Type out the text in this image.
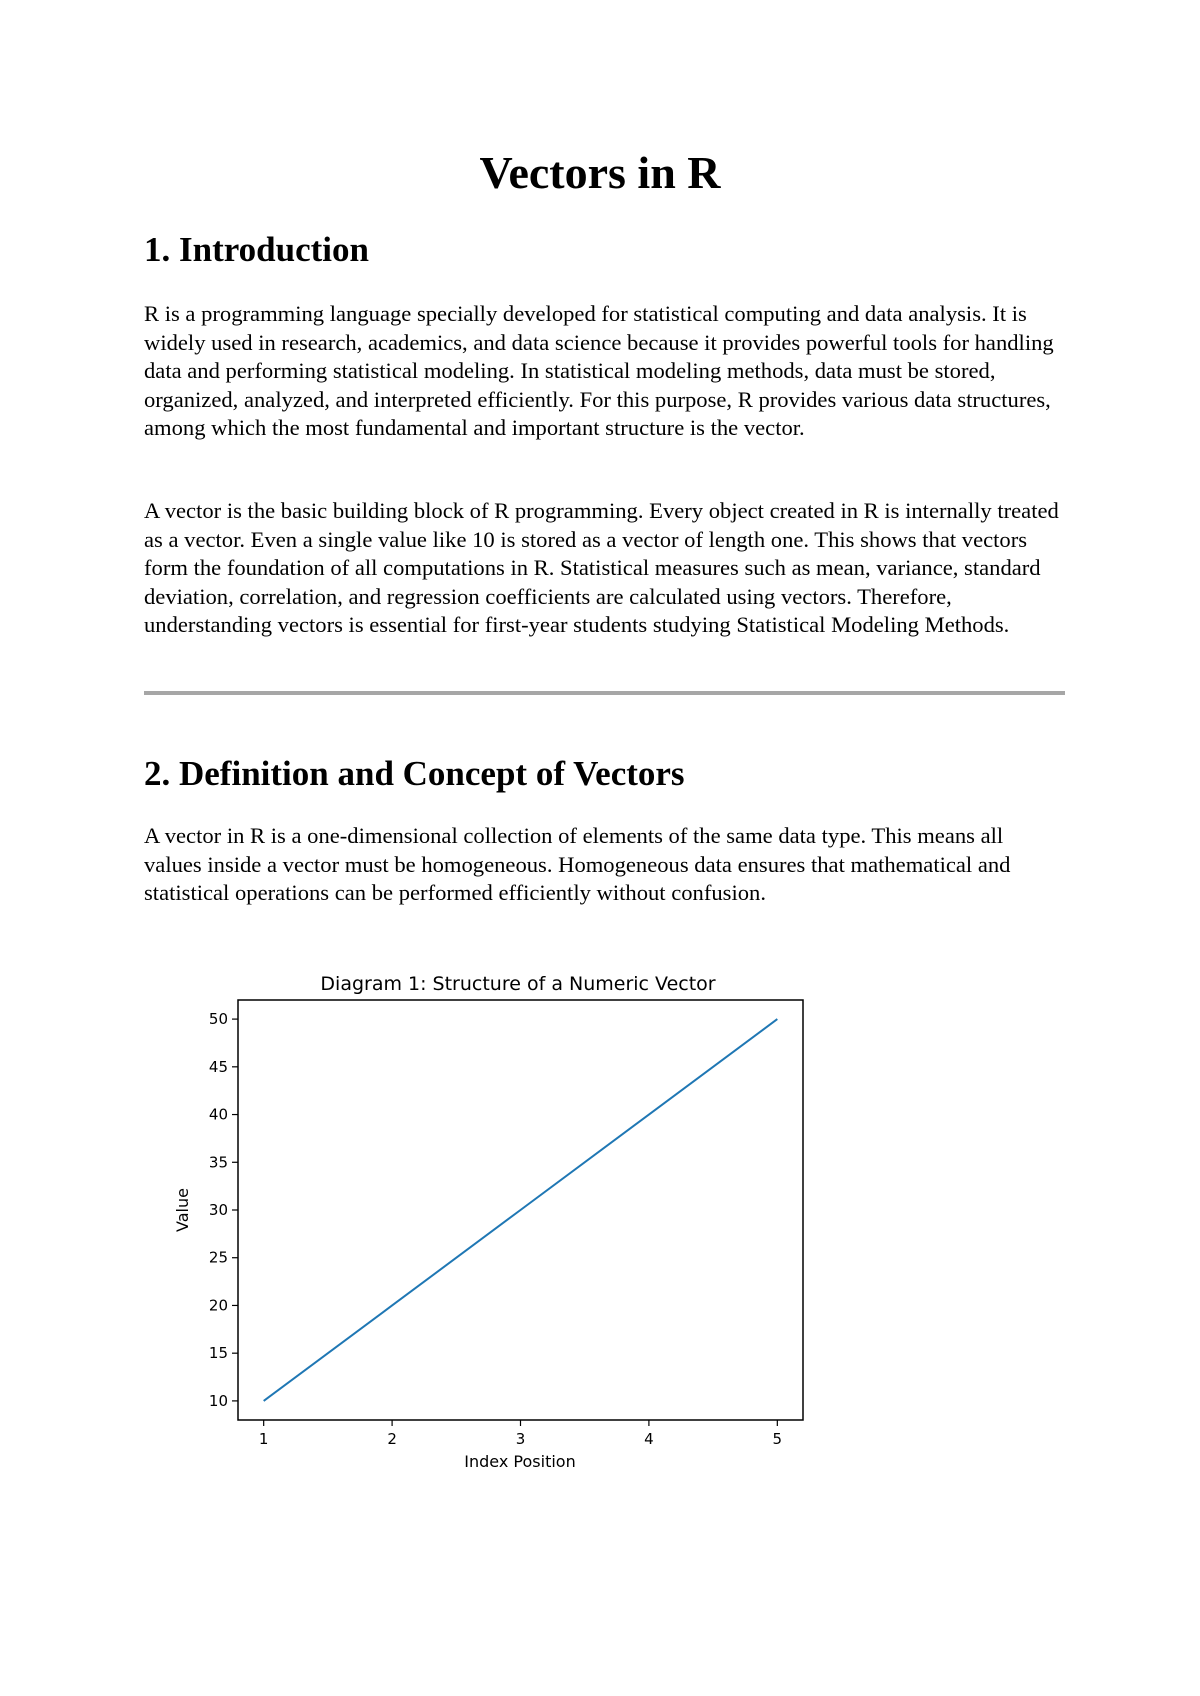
Vectors in R
1. Introduction

R is a programming language specially developed for statistical computing and data analysis. It is widely used in research, academics, and data science because it provides powerful tools for handling data and performing statistical modeling. In statistical modeling methods, data must be stored, organized, analyzed, and interpreted efficiently. For this purpose, R provides various data structures, among which the most fundamental and important structure is the vector.

A vector is the basic building block of R programming. Every object created in R is internally treated as a vector. Even a single value like 10 is stored as a vector of length one. This shows that vectors form the foundation of all computations in R. Statistical measures such as mean, variance, standard deviation, correlation, and regression coefficients are calculated using vectors. Therefore, understanding vectors is essential for first-year students studying Statistical Modeling Methods.

2. Definition and Concept of Vectors

A vector in R is a one-dimensional collection of elements of the same data type. This means all values inside a vector must be homogeneous. Homogeneous data ensures that mathematical and statistical operations can be performed efficiently without confusion.

Diagram 1: Structure of a Numeric Vector
10
15
20
25
30
35
40
45
50
1	2	3	4	5
Index Position
Value
